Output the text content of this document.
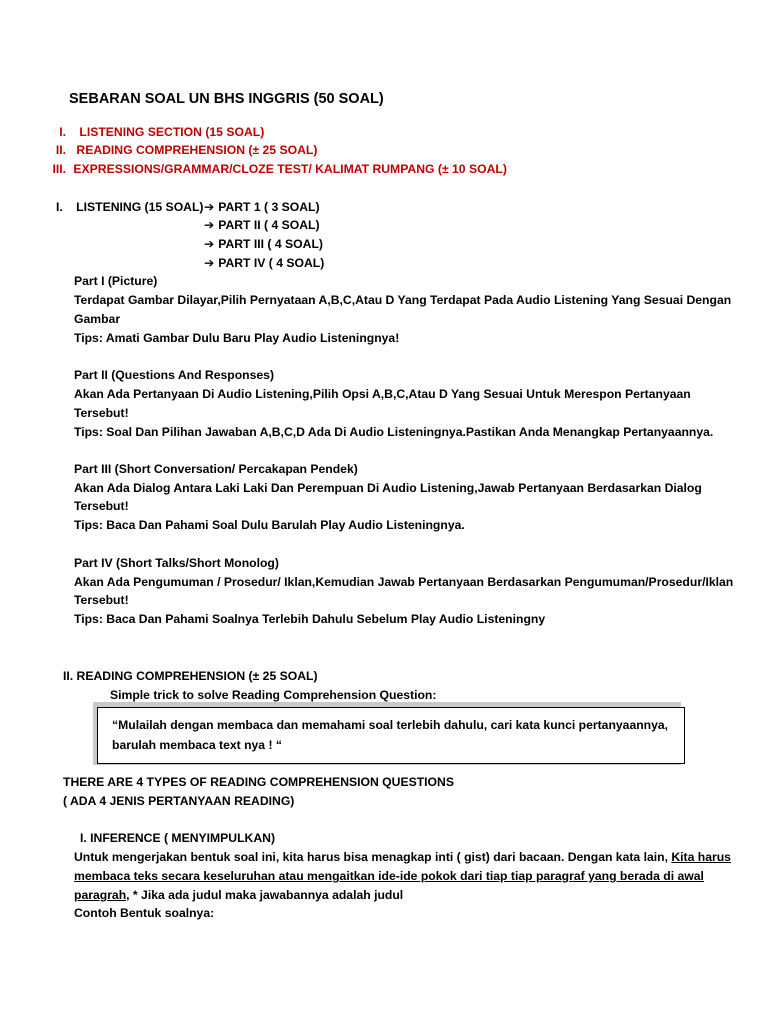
SEBARAN SOAL UN BHS INGGRIS (50 SOAL)
I. LISTENING SECTION (15 SOAL)
II. READING COMPREHENSION (± 25 SOAL)
III. EXPRESSIONS/GRAMMAR/CLOZE TEST/ KALIMAT RUMPANG (± 10 SOAL)
I. LISTENING (15 SOAL) ➔ PART 1 ( 3 SOAL)
➔ PART II ( 4 SOAL)
➔ PART III ( 4 SOAL)
➔ PART IV ( 4 SOAL)
Part I (Picture)
Terdapat Gambar Dilayar,Pilih Pernyataan A,B,C,Atau D Yang Terdapat Pada Audio Listening Yang Sesuai Dengan
Gambar
Tips: Amati Gambar Dulu Baru Play Audio Listeningnya!
Part II (Questions And Responses)
Akan Ada Pertanyaan Di Audio Listening,Pilih Opsi A,B,C,Atau D Yang Sesuai Untuk Merespon Pertanyaan
Tersebut!
Tips: Soal Dan Pilihan Jawaban A,B,C,D Ada Di Audio Listeningnya.Pastikan Anda Menangkap Pertanyaannya.
Part III (Short Conversation/ Percakapan Pendek)
Akan Ada Dialog Antara Laki Laki Dan Perempuan Di Audio Listening,Jawab Pertanyaan Berdasarkan Dialog
Tersebut!
Tips: Baca Dan Pahami Soal Dulu Barulah Play Audio Listeningnya.
Part IV (Short Talks/Short Monolog)
Akan Ada Pengumuman / Prosedur/ Iklan,Kemudian Jawab Pertanyaan Berdasarkan Pengumuman/Prosedur/Iklan
Tersebut!
Tips: Baca Dan Pahami Soalnya Terlebih Dahulu Sebelum Play Audio Listeningny
II. READING COMPREHENSION (± 25 SOAL)
Simple trick to solve Reading Comprehension Question:
“Mulailah dengan membaca dan memahami soal terlebih dahulu, cari kata kunci pertanyaannya,
barulah membaca text nya ! “
THERE ARE 4 TYPES OF READING COMPREHENSION QUESTIONS
( ADA 4 JENIS PERTANYAAN READING)
I. INFERENCE ( MENYIMPULKAN)
Untuk mengerjakan bentuk soal ini, kita harus bisa menagkap inti ( gist) dari bacaan. Dengan kata lain, Kita harus
membaca teks secara keseluruhan atau mengaitkan ide-ide pokok dari tiap tiap paragraf yang berada di awal
paragrah, * Jika ada judul maka jawabannya adalah judul
Contoh Bentuk soalnya:
